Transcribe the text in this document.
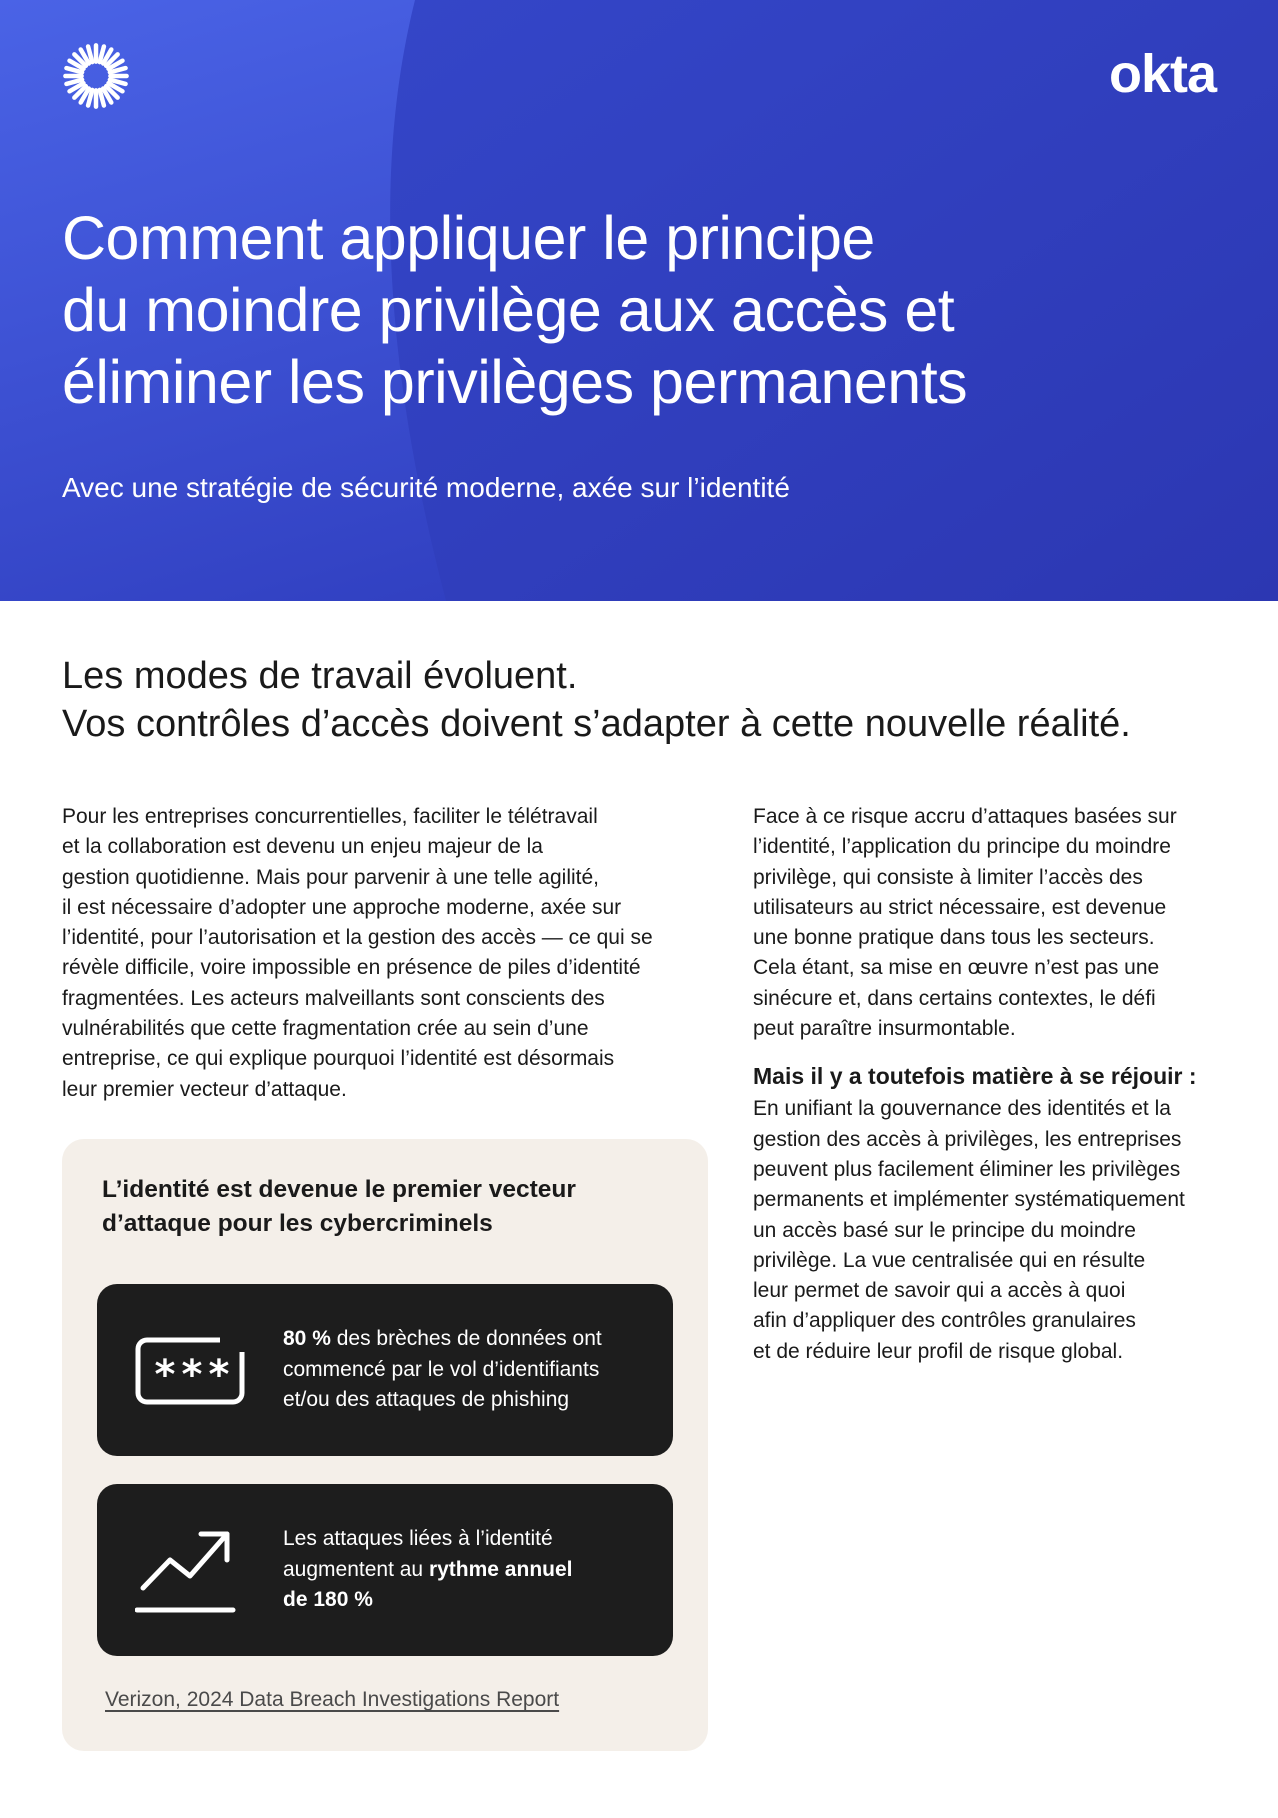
okta
Comment appliquer le principe
du moindre privilège aux accès et
éliminer les privilèges permanents

Avec une stratégie de sécurité moderne, axée sur l’identité

Les modes de travail évoluent.
Vos contrôles d’accès doivent s’adapter à cette nouvelle réalité.
Pour les entreprises concurrentielles, faciliter le télétravail
et la collaboration est devenu un enjeu majeur de la
gestion quotidienne. Mais pour parvenir à une telle agilité,
il est nécessaire d’adopter une approche moderne, axée sur
l’identité, pour l’autorisation et la gestion des accès — ce qui se
révèle difficile, voire impossible en présence de piles d’identité
fragmentées. Les acteurs malveillants sont conscients des
vulnérabilités que cette fragmentation crée au sein d’une
entreprise, ce qui explique pourquoi l’identité est désormais
leur premier vecteur d’attaque.
Face à ce risque accru d’attaques basées sur
l’identité, l’application du principe du moindre
privilège, qui consiste à limiter l’accès des
utilisateurs au strict nécessaire, est devenue
une bonne pratique dans tous les secteurs.
Cela étant, sa mise en œuvre n’est pas une
sinécure et, dans certains contextes, le défi
peut paraître insurmontable.
Mais il y a toutefois matière à se réjouir :
En unifiant la gouvernance des identités et la
gestion des accès à privilèges, les entreprises
peuvent plus facilement éliminer les privilèges
permanents et implémenter systématiquement
un accès basé sur le principe du moindre
privilège. La vue centralisée qui en résulte
leur permet de savoir qui a accès à quoi
afin d’appliquer des contrôles granulaires
et de réduire leur profil de risque global.
L’identité est devenue le premier vecteur
d’attaque pour les cybercriminels
* * *
80 % des brèches de données ont
commencé par le vol d’identifiants
et/ou des attaques de phishing
Les attaques liées à l’identité
augmentent au rythme annuel
de 180 %
Verizon, 2024 Data Breach Investigations Report
